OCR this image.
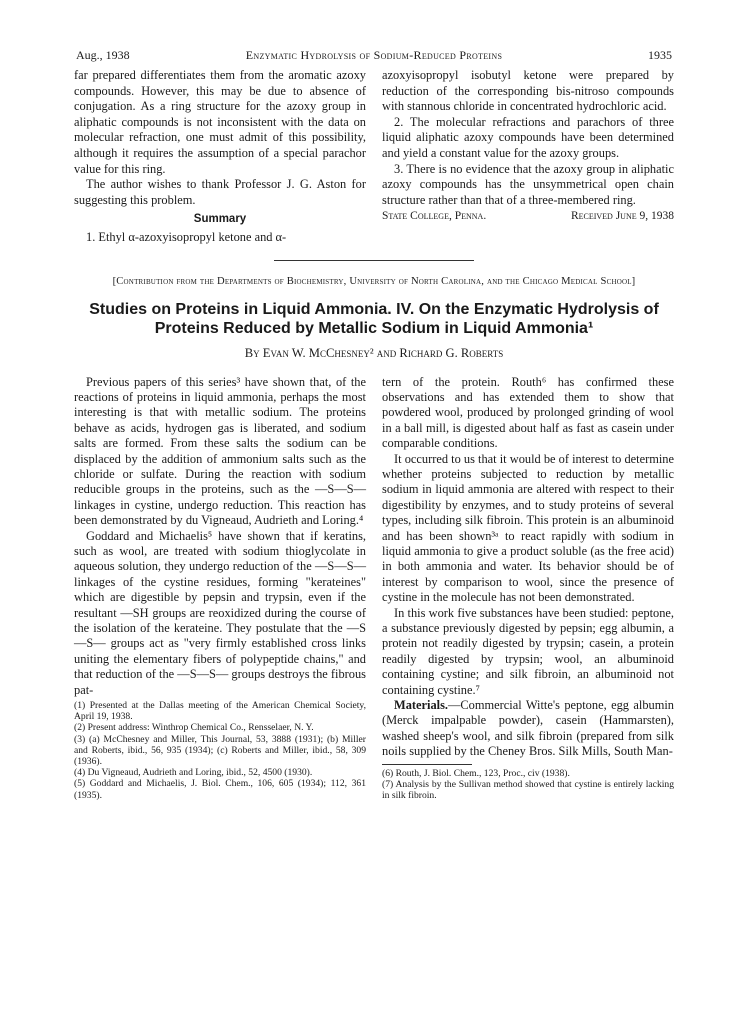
Aug., 1938	Enzymatic Hydrolysis of Sodium-Reduced Proteins	1935

far prepared differentiates them from the aromatic azoxy compounds. However, this may be due to absence of conjugation. As a ring structure for the azoxy group in aliphatic compounds is not inconsistent with the data on molecular refraction, one must admit of this possibility, although it requires the assumption of a special parachor value for this ring.

The author wishes to thank Professor J. G. Aston for suggesting this problem.

Summary

1. Ethyl α-azoxyisopropyl ketone and α-

azoxyisopropyl isobutyl ketone were prepared by reduction of the corresponding bis-nitroso compounds with stannous chloride in concentrated hydrochloric acid.

2. The molecular refractions and parachors of three liquid aliphatic azoxy compounds have been determined and yield a constant value for the azoxy groups.

3. There is no evidence that the azoxy group in aliphatic azoxy compounds has the unsymmetrical open chain structure rather than that of a three-membered ring.

State College, Penna.	Received June 9, 1938
[Contribution from the Departments of Biochemistry, University of North Carolina, and the Chicago Medical School]
Studies on Proteins in Liquid Ammonia. IV. On the Enzymatic Hydrolysis of Proteins Reduced by Metallic Sodium in Liquid Ammonia¹
By Evan W. McChesney² and Richard G. Roberts

Previous papers of this series³ have shown that, of the reactions of proteins in liquid ammonia, perhaps the most interesting is that with metallic sodium. The proteins behave as acids, hydrogen gas is liberated, and sodium salts are formed. From these salts the sodium can be displaced by the addition of ammonium salts such as the chloride or sulfate. During the reaction with sodium reducible groups in the proteins, such as the —S—S— linkages in cystine, undergo reduction. This reaction has been demonstrated by du Vigneaud, Audrieth and Loring.⁴

Goddard and Michaelis⁵ have shown that if keratins, such as wool, are treated with sodium thioglycolate in aqueous solution, they undergo reduction of the —S—S— linkages of the cystine residues, forming "kerateines" which are digestible by pepsin and trypsin, even if the resultant —SH groups are reoxidized during the course of the isolation of the kerateine. They postulate that the —S—S— groups act as "very firmly established cross links uniting the elementary fibers of polypeptide chains," and that reduction of the —S—S— groups destroys the fibrous pat-

(1) Presented at the Dallas meeting of the American Chemical Society, April 19, 1938.
(2) Present address: Winthrop Chemical Co., Rensselaer, N. Y.
(3) (a) McChesney and Miller, This Journal, 53, 3888 (1931); (b) Miller and Roberts, ibid., 56, 935 (1934); (c) Roberts and Miller, ibid., 58, 309 (1936).
(4) Du Vigneaud, Audrieth and Loring, ibid., 52, 4500 (1930).
(5) Goddard and Michaelis, J. Biol. Chem., 106, 605 (1934); 112, 361 (1935).

tern of the protein. Routh⁶ has confirmed these observations and has extended them to show that powdered wool, produced by prolonged grinding of wool in a ball mill, is digested about half as fast as casein under comparable conditions.

It occurred to us that it would be of interest to determine whether proteins subjected to reduction by metallic sodium in liquid ammonia are altered with respect to their digestibility by enzymes, and to study proteins of several types, including silk fibroin. This protein is an albuminoid and has been shown³ᵃ to react rapidly with sodium in liquid ammonia to give a product soluble (as the free acid) in both ammonia and water. Its behavior should be of interest by comparison to wool, since the presence of cystine in the molecule has not been demonstrated.

In this work five substances have been studied: peptone, a substance previously digested by pepsin; egg albumin, a protein not readily digested by trypsin; casein, a protein readily digested by trypsin; wool, an albuminoid containing cystine; and silk fibroin, an albuminoid not containing cystine.⁷

Materials.—Commercial Witte's peptone, egg albumin (Merck impalpable powder), casein (Hammarsten), washed sheep's wool, and silk fibroin (prepared from silk noils supplied by the Cheney Bros. Silk Mills, South Man-

(6) Routh, J. Biol. Chem., 123, Proc., civ (1938).
(7) Analysis by the Sullivan method showed that cystine is entirely lacking in silk fibroin.
